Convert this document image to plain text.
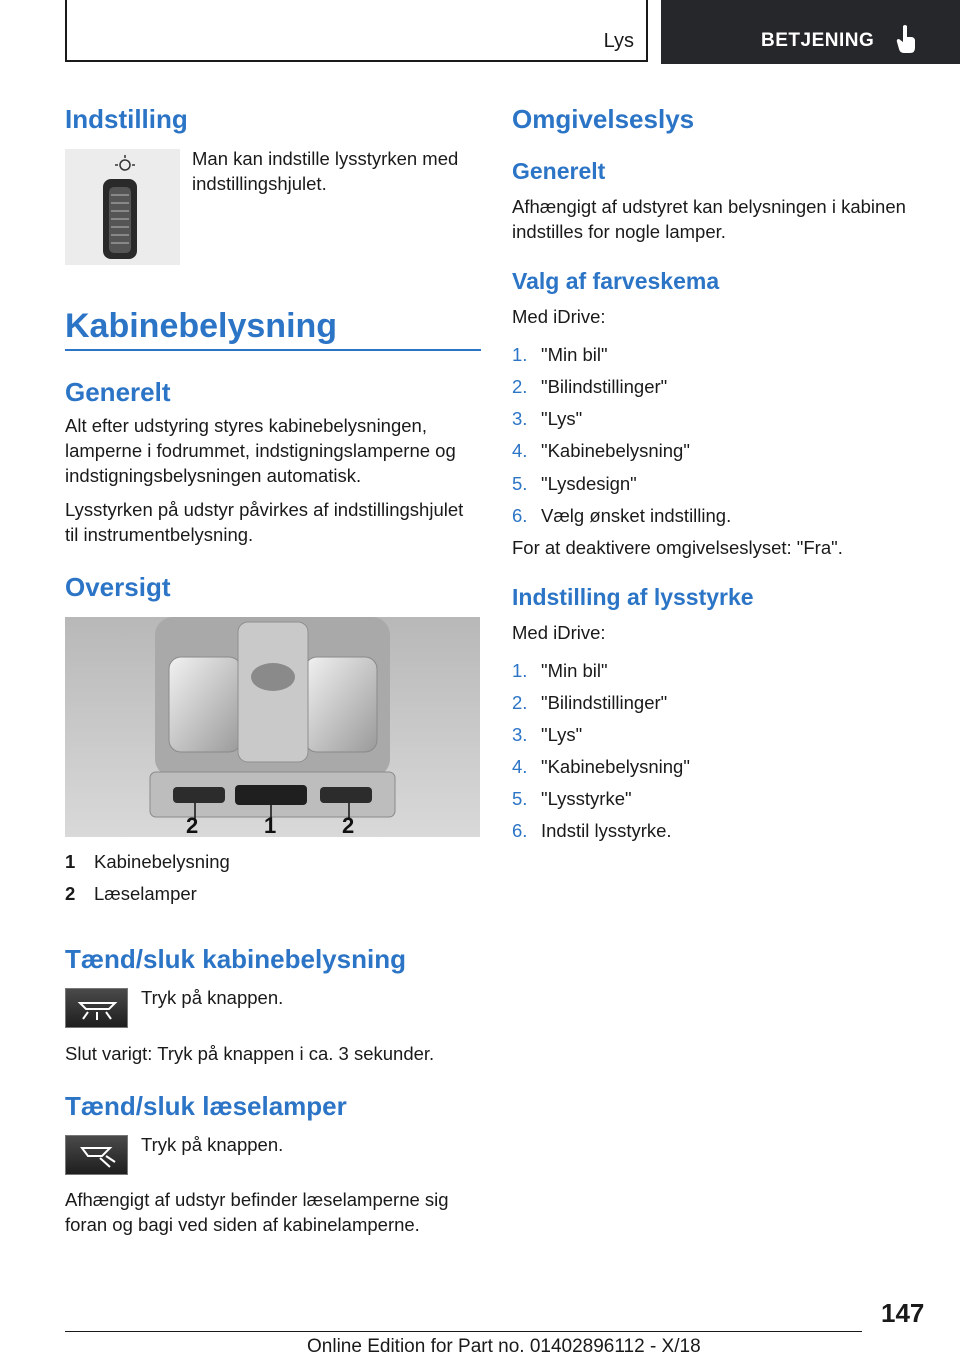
Lys	BETJENING
Indstilling
Man kan indstille lysstyrken med indstillingshjulet.
Kabinebelysning
Generelt
Alt efter udstyring styres kabinebelysningen, lamperne i fodrummet, indstigningslamperne og indstigningsbelysningen automatisk.
Lysstyrken på udstyr påvirkes af indstillingshjulet til instrumentbelysning.
Oversigt
2	1	2
1	Kabinebelysning
2	Læselamper
Tænd/sluk kabinebelysning
Tryk på knappen.
Slut varigt: Tryk på knappen i ca. 3 sekunder.
Tænd/sluk læselamper
Tryk på knappen.
Afhængigt af udstyr befinder læselamperne sig foran og bagi ved siden af kabinelamperne.
Omgivelseslys
Generelt
Afhængigt af udstyret kan belysningen i kabinen indstilles for nogle lamper.
Valg af farveskema
Med iDrive:
1. "Min bil"
2. "Bilindstillinger"
3. "Lys"
4. "Kabinebelysning"
5. "Lysdesign"
6. Vælg ønsket indstilling.
For at deaktivere omgivelseslyset: "Fra".
Indstilling af lysstyrke
Med iDrive:
1. "Min bil"
2. "Bilindstillinger"
3. "Lys"
4. "Kabinebelysning"
5. "Lysstyrke"
6. Indstil lysstyrke.
147
Online Edition for Part no. 01402896112 - X/18
